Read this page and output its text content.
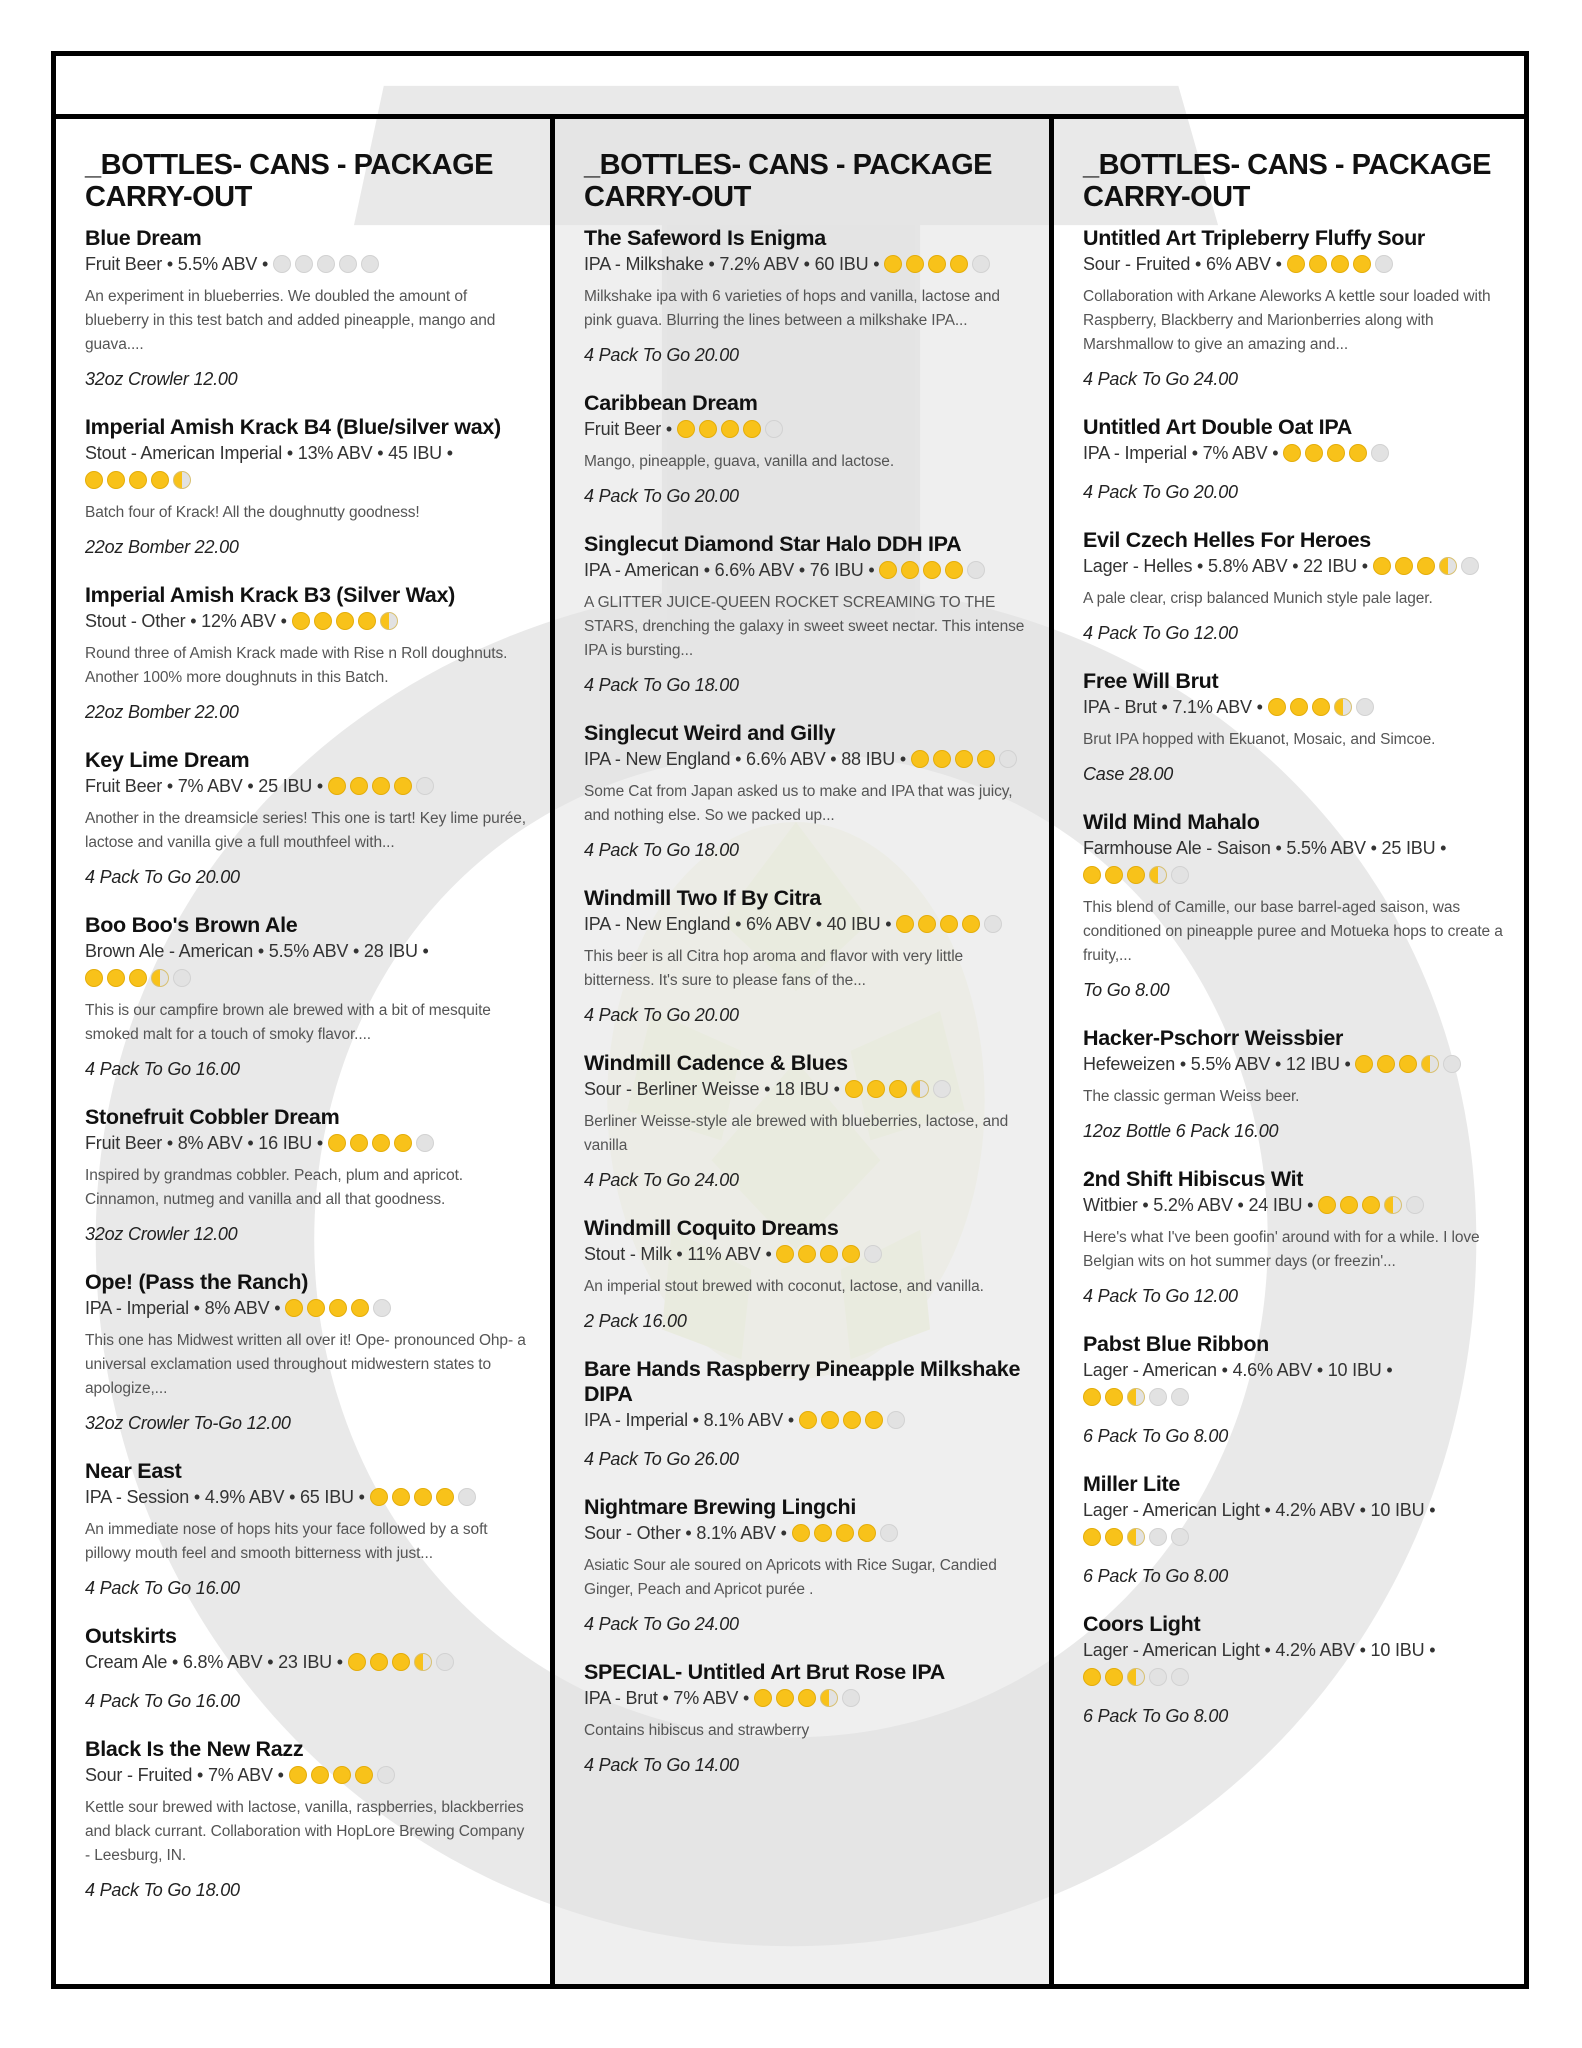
_BOTTLES- CANS - PACKAGE CARRY-OUT
Blue Dream
Fruit Beer • 5.5% ABV •
An experiment in blueberries. We doubled the amount of blueberry in this test batch and added pineapple, mango and guava....
32oz Crowler 12.00
Imperial Amish Krack B4 (Blue/silver wax)
Stout - American Imperial • 13% ABV • 45 IBU •
Batch four of Krack! All the doughnutty goodness!
22oz Bomber 22.00
Imperial Amish Krack B3 (Silver Wax)
Stout - Other • 12% ABV •
Round three of Amish Krack made with Rise n Roll doughnuts. Another 100% more doughnuts in this Batch.
22oz Bomber 22.00
Key Lime Dream
Fruit Beer • 7% ABV • 25 IBU •
Another in the dreamsicle series! This one is tart! Key lime purée, lactose and vanilla give a full mouthfeel with...
4 Pack To Go 20.00
Boo Boo's Brown Ale
Brown Ale - American • 5.5% ABV • 28 IBU •
This is our campfire brown ale brewed with a bit of mesquite smoked malt for a touch of smoky flavor....
4 Pack To Go 16.00
Stonefruit Cobbler Dream
Fruit Beer • 8% ABV • 16 IBU •
Inspired by grandmas cobbler. Peach, plum and apricot. Cinnamon, nutmeg and vanilla and all that goodness.
32oz Crowler 12.00
Ope! (Pass the Ranch)
IPA - Imperial • 8% ABV •
This one has Midwest written all over it! Ope- pronounced Ohp- a universal exclamation used throughout midwestern states to apologize,...
32oz Crowler To-Go 12.00
Near East
IPA - Session • 4.9% ABV • 65 IBU •
An immediate nose of hops hits your face followed by a soft pillowy mouth feel and smooth bitterness with just...
4 Pack To Go 16.00
Outskirts
Cream Ale • 6.8% ABV • 23 IBU •
4 Pack To Go 16.00
Black Is the New Razz
Sour - Fruited • 7% ABV •
Kettle sour brewed with lactose, vanilla, raspberries, blackberries and black currant. Collaboration with HopLore Brewing Company - Leesburg, IN.
4 Pack To Go 18.00
_BOTTLES- CANS - PACKAGE CARRY-OUT
The Safeword Is Enigma
IPA - Milkshake • 7.2% ABV • 60 IBU •
Milkshake ipa with 6 varieties of hops and vanilla, lactose and pink guava. Blurring the lines between a milkshake IPA...
4 Pack To Go 20.00
Caribbean Dream
Fruit Beer •
Mango, pineapple, guava, vanilla and lactose.
4 Pack To Go 20.00
Singlecut Diamond Star Halo DDH IPA
IPA - American • 6.6% ABV • 76 IBU •
A GLITTER JUICE-QUEEN ROCKET SCREAMING TO THE STARS, drenching the galaxy in sweet sweet nectar. This intense IPA is bursting...
4 Pack To Go 18.00
Singlecut Weird and Gilly
IPA - New England • 6.6% ABV • 88 IBU •
Some Cat from Japan asked us to make and IPA that was juicy, and nothing else. So we packed up...
4 Pack To Go 18.00
Windmill Two If By Citra
IPA - New England • 6% ABV • 40 IBU •
This beer is all Citra hop aroma and flavor with very little bitterness. It's sure to please fans of the...
4 Pack To Go 20.00
Windmill Cadence & Blues
Sour - Berliner Weisse • 18 IBU •
Berliner Weisse-style ale brewed with blueberries, lactose, and vanilla
4 Pack To Go 24.00
Windmill Coquito Dreams
Stout - Milk • 11% ABV •
An imperial stout brewed with coconut, lactose, and vanilla.
2 Pack 16.00
Bare Hands Raspberry Pineapple Milkshake DIPA
IPA - Imperial • 8.1% ABV •
4 Pack To Go 26.00
Nightmare Brewing Lingchi
Sour - Other • 8.1% ABV •
Asiatic Sour ale soured on Apricots with Rice Sugar, Candied Ginger, Peach and Apricot purée .
4 Pack To Go 24.00
SPECIAL- Untitled Art Brut Rose IPA
IPA - Brut • 7% ABV •
Contains hibiscus and strawberry
4 Pack To Go 14.00
_BOTTLES- CANS - PACKAGE CARRY-OUT
Untitled Art Tripleberry Fluffy Sour
Sour - Fruited • 6% ABV •
Collaboration with Arkane Aleworks A kettle sour loaded with Raspberry, Blackberry and Marionberries along with Marshmallow to give an amazing and...
4 Pack To Go 24.00
Untitled Art Double Oat IPA
IPA - Imperial • 7% ABV •
4 Pack To Go 20.00
Evil Czech Helles For Heroes
Lager - Helles • 5.8% ABV • 22 IBU •
A pale clear, crisp balanced Munich style pale lager.
4 Pack To Go 12.00
Free Will Brut
IPA - Brut • 7.1% ABV •
Brut IPA hopped with Ekuanot, Mosaic, and Simcoe.
Case 28.00
Wild Mind Mahalo
Farmhouse Ale - Saison • 5.5% ABV • 25 IBU •
This blend of Camille, our base barrel-aged saison, was conditioned on pineapple puree and Motueka hops to create a fruity,...
To Go 8.00
Hacker-Pschorr Weissbier
Hefeweizen • 5.5% ABV • 12 IBU •
The classic german Weiss beer.
12oz Bottle 6 Pack 16.00
2nd Shift Hibiscus Wit
Witbier • 5.2% ABV • 24 IBU •
Here's what I've been goofin' around with for a while. I love Belgian wits on hot summer days (or freezin'...
4 Pack To Go 12.00
Pabst Blue Ribbon
Lager - American • 4.6% ABV • 10 IBU •
6 Pack To Go 8.00
Miller Lite
Lager - American Light • 4.2% ABV • 10 IBU •
6 Pack To Go 8.00
Coors Light
Lager - American Light • 4.2% ABV • 10 IBU •
6 Pack To Go 8.00
